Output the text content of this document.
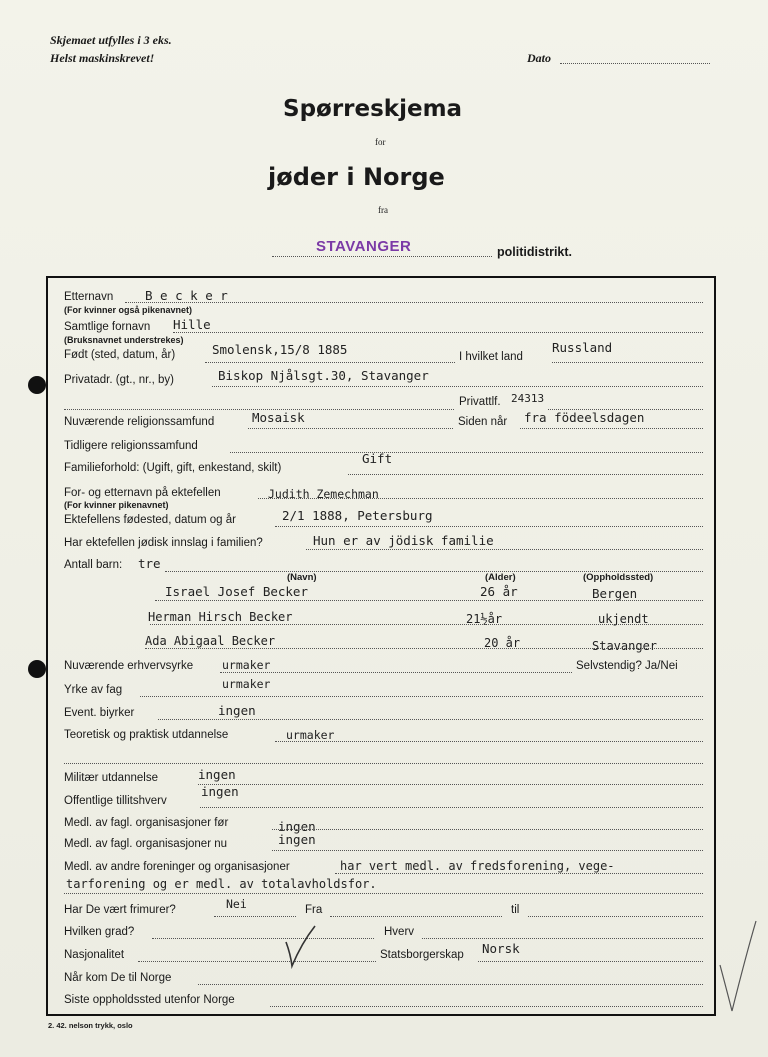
Skjemaet utfylles i 3 eks.
Helst maskinskrevet!	Dato
Spørreskjema
for
jøder i Norge
fra
STAVANGER	politidistrikt.
Etternavn
(For kvinner også pikenavnet)
B e c k e r
Samtlige fornavn
(Bruksnavnet understrekes)
Hille
Født (sted, datum, år)	Smolensk,15/8 1885	I hvilket land
Russland
Privatadr. (gt., nr., by)	Biskop Njålsgt.30, Stavanger
Privattlf. 24313
Nuværende religionssamfund	Mosaisk	Siden når fra födeelsdagen
Tidligere religionssamfund
Familieforhold: (Ugift, gift, enkestand, skilt)
Gift
For- og etternavn på ektefellen
(For kvinner pikenavnet)
Judith Zemechman
Ektefellens fødested, datum og år	2/1 1888, Petersburg
Har ektefellen jødisk innslag i familien?	Hun er av jödisk familie
Antall barn: tre
(Navn)	(Alder)	(Oppholdssted)
Israel Josef Becker	26 år	Bergen
Herman Hirsch Becker	21½år	ukjendt
Ada Abigaal Becker	20 år	Stavanger
Nuværende erhvervsyrke	urmaker	Selvstendig? Ja/Nei
Yrke av fag	urmaker
Event. biyrker	ingen
Teoretisk og praktisk utdannelse	urmaker
Militær utdannelse	ingen
Offentlige tillitshverv
ingen
Medl. av fagl. organisasjoner før	ingen
Medl. av fagl. organisasjoner nu	ingen
Medl. av andre foreninger og organisasjoner	har vert medl. av fredsforening, vege-
tarforening og er medl. av totalavholdsfor.
Har De vært frimurer?	Nei	Fra	til
Hvilken grad?	Hverv
Nasjonalitet	Statsborgerskap Norsk
Når kom De til Norge
Siste oppholdssted utenfor Norge
2. 42. nelson trykk, oslo
